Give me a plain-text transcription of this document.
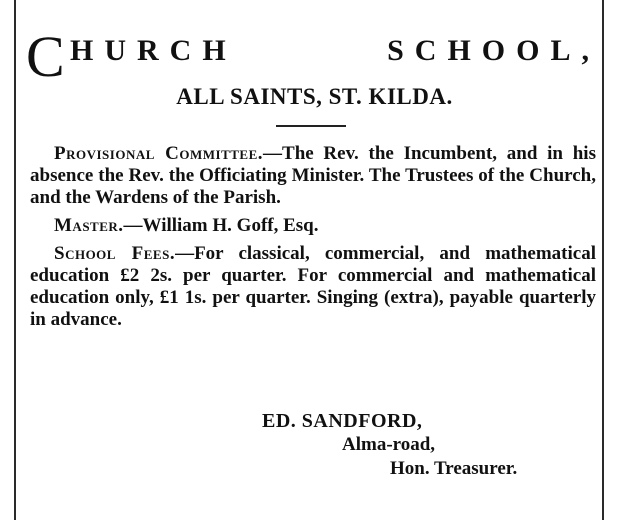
C HURCH	SCHOOL,
ALL SAINTS, ST. KILDA.

Provisional Committee.—The Rev. the Incumbent, and in his absence the Rev. the Officiating Minister. The Trustees of the Church, and the Wardens of the Parish.

Master.—William H. Goff, Esq.

School Fees.—For classical, commercial, and mathematical education £2 2s. per quarter. For commercial and mathematical education only, £1 1s. per quarter. Singing (extra), payable quarterly in advance.

ED. SANDFORD,
Alma-road,
Hon. Treasurer.
